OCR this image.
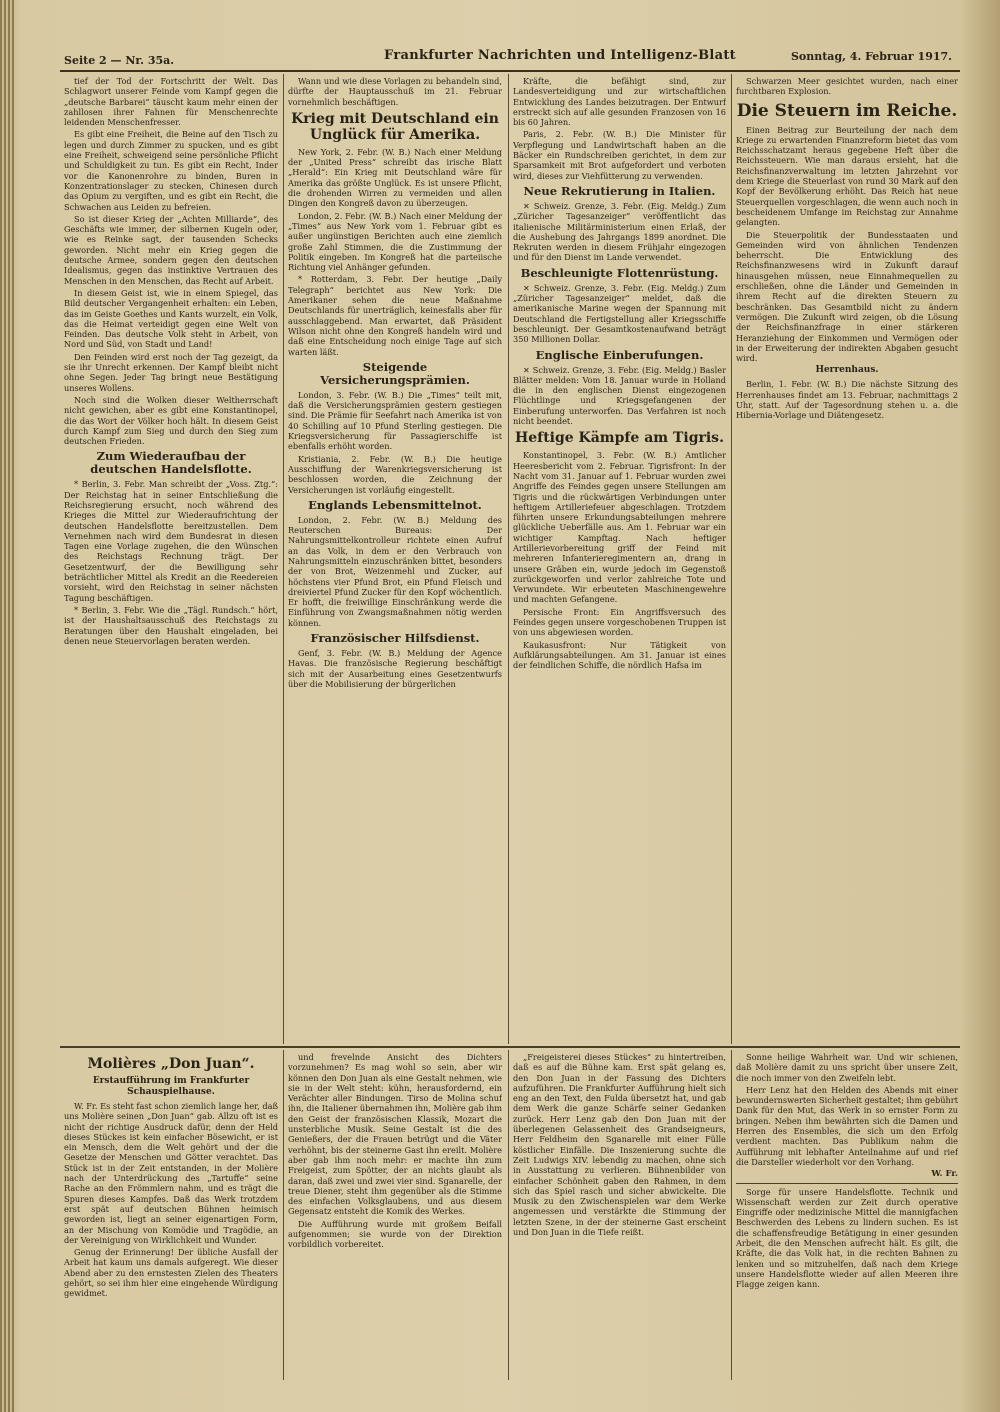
Seite 2 — Nr. 35a.	Frankfurter Nachrichten und Intelligenz-Blatt	Sonntag, 4. Februar 1917.

tief der Tod der Fortschritt der Welt. Das Schlagwort unserer Feinde vom Kampf gegen die „deutsche Barbarei“ täuscht kaum mehr einen der zahllosen ihrer Fahnen für Menschenrechte leidenden Menschenfresser.

Es gibt eine Freiheit, die Beine auf den Tisch zu legen und durch Zimmer zu spucken, und es gibt eine Freiheit, schweigend seine persönliche Pflicht und Schuldigkeit zu tun. Es gibt ein Recht, Inder vor die Kanonenrohre zu binden, Buren in Konzentrationslager zu stecken, Chinesen durch das Opium zu vergiften, und es gibt ein Recht, die Schwachen aus Leiden zu befreien.

So ist dieser Krieg der „Achten Milliarde“, des Geschäfts wie immer, der silbernen Kugeln oder, wie es Reinke sagt, der tausenden Schecks geworden. Nicht mehr ein Krieg gegen die deutsche Armee, sondern gegen den deutschen Idealismus, gegen das instinktive Vertrauen des Menschen in den Menschen, das Recht auf Arbeit.

In diesem Geist ist, wie in einem Spiegel, das Bild deutscher Vergangenheit erhalten: ein Leben, das im Geiste Goethes und Kants wurzelt, ein Volk, das die Heimat verteidigt gegen eine Welt von Feinden. Das deutsche Volk steht in Arbeit, von Nord und Süd, von Stadt und Land!

Den Feinden wird erst noch der Tag gezeigt, da sie ihr Unrecht erkennen. Der Kampf bleibt nicht ohne Segen. Jeder Tag bringt neue Bestätigung unseres Wollens.

Noch sind die Wolken dieser Weltherrschaft nicht gewichen, aber es gibt eine Konstantinopel, die das Wort der Völker hoch hält. In diesem Geist durch Kampf zum Sieg und durch den Sieg zum deutschen Frieden.

Zum Wiederaufbau der deutschen Handelsflotte.

* Berlin, 3. Febr. Man schreibt der „Voss. Ztg.“: Der Reichstag hat in seiner Entschließung die Reichsregierung ersucht, noch während des Krieges die Mittel zur Wiederaufrichtung der deutschen Handelsflotte bereitzustellen. Dem Vernehmen nach wird dem Bundesrat in diesen Tagen eine Vorlage zugehen, die den Wünschen des Reichstags Rechnung trägt. Der Gesetzentwurf, der die Bewilligung sehr beträchtlicher Mittel als Kredit an die Reedereien vorsieht, wird den Reichstag in seiner nächsten Tagung beschäftigen.

* Berlin, 3. Febr. Wie die „Tägl. Rundsch.“ hört, ist der Haushaltsausschuß des Reichstags zu Beratungen über den Haushalt eingeladen, bei denen neue Steuervorlagen beraten werden.

Wann und wie diese Vorlagen zu behandeln sind, dürfte der Hauptausschuß im 21. Februar vornehmlich beschäftigen.

Krieg mit Deutschland ein Unglück für Amerika.

New York, 2. Febr. (W. B.) Nach einer Meldung der „United Press“ schreibt das irische Blatt „Herald“: Ein Krieg mit Deutschland wäre für Amerika das größte Unglück. Es ist unsere Pflicht, die drohenden Wirren zu vermeiden und allen Dingen den Kongreß davon zu überzeugen.

London, 2. Febr. (W. B.) Nach einer Meldung der „Times“ aus New York vom 1. Februar gibt es außer ungünstigen Berichten auch eine ziemlich große Zahl Stimmen, die die Zustimmung der Politik eingeben. Im Kongreß hat die parteiische Richtung viel Anhänger gefunden.

* Rotterdam, 3. Febr. Der heutige „Daily Telegraph“ berichtet aus New York: Die Amerikaner sehen die neue Maßnahme Deutschlands für unerträglich, keinesfalls aber für ausschlaggebend. Man erwartet, daß Präsident Wilson nicht ohne den Kongreß handeln wird und daß eine Entscheidung noch einige Tage auf sich warten läßt.

Steigende Versicherungsprämien.

London, 3. Febr. (W. B.) Die „Times“ teilt mit, daß die Versicherungsprämien gestern gestiegen sind. Die Prämie für Seefahrt nach Amerika ist von 40 Schilling auf 10 Pfund Sterling gestiegen. Die Kriegsversicherung für Passagierschiffe ist ebenfalls erhöht worden.

Kristiania, 2. Febr. (W. B.) Die heutige Ausschiffung der Warenkriegsversicherung ist beschlossen worden, die Zeichnung der Versicherungen ist vorläufig eingestellt.

Englands Lebensmittelnot.

London, 2. Febr. (W. B.) Meldung des Reuterschen Bureaus: Der Nahrungsmittelkontrolleur richtete einen Aufruf an das Volk, in dem er den Verbrauch von Nahrungsmitteln einzuschränken bittet, besonders der von Brot, Weizenmehl und Zucker, auf höchstens vier Pfund Brot, ein Pfund Fleisch und dreiviertel Pfund Zucker für den Kopf wöchentlich. Er hofft, die freiwillige Einschränkung werde die Einführung von Zwangsmaßnahmen nötig werden können.

Französischer Hilfsdienst.

Genf, 3. Febr. (W. B.) Meldung der Agence Havas. Die französische Regierung beschäftigt sich mit der Ausarbeitung eines Gesetzentwurfs über die Mobilisierung der bürgerlichen

Kräfte, die befähigt sind, zur Landesverteidigung und zur wirtschaftlichen Entwicklung des Landes beizutragen. Der Entwurf erstreckt sich auf alle gesunden Franzosen von 16 bis 60 Jahren.

Paris, 2. Febr. (W. B.) Die Minister für Verpflegung und Landwirtschaft haben an die Bäcker ein Rundschreiben gerichtet, in dem zur Sparsamkeit mit Brot aufgefordert und verboten wird, dieses zur Viehfütterung zu verwenden.

Neue Rekrutierung in Italien.

✕ Schweiz. Grenze, 3. Febr. (Eig. Meldg.) Zum „Züricher Tagesanzeiger“ veröffentlicht das italienische Militärministerium einen Erlaß, der die Aushebung des Jahrgangs 1899 anordnet. Die Rekruten werden in diesem Frühjahr eingezogen und für den Dienst im Lande verwendet.

Beschleunigte Flottenrüstung.

✕ Schweiz. Grenze, 3. Febr. (Eig. Meldg.) Zum „Züricher Tagesanzeiger“ meldet, daß die amerikanische Marine wegen der Spannung mit Deutschland die Fertigstellung aller Kriegsschiffe beschleunigt. Der Gesamtkostenaufwand beträgt 350 Millionen Dollar.

Englische Einberufungen.

✕ Schweiz. Grenze, 3. Febr. (Eig. Meldg.) Basler Blätter melden: Vom 18. Januar wurde in Holland die in den englischen Dienst eingezogenen Flüchtlinge und Kriegsgefangenen der Einberufung unterworfen. Das Verfahren ist noch nicht beendet.

Heftige Kämpfe am Tigris.

Konstantinopel, 3. Febr. (W. B.) Amtlicher Heeresbericht vom 2. Februar. Tigrisfront: In der Nacht vom 31. Januar auf 1. Februar wurden zwei Angriffe des Feindes gegen unsere Stellungen am Tigris und die rückwärtigen Verbindungen unter heftigem Artilleriefeuer abgeschlagen. Trotzdem führten unsere Erkundungsabteilungen mehrere glückliche Ueberfälle aus. Am 1. Februar war ein wichtiger Kampftag. Nach heftiger Artillerievorbereitung griff der Feind mit mehreren Infanterieregimentern an, drang in unsere Gräben ein, wurde jedoch im Gegenstoß zurückgeworfen und verlor zahlreiche Tote und Verwundete. Wir erbeuteten Maschinengewehre und machten Gefangene.

Persische Front: Ein Angriffsversuch des Feindes gegen unsere vorgeschobenen Truppen ist von uns abgewiesen worden.

Kaukasusfront: Nur Tätigkeit von Aufklärungsabteilungen. Am 31. Januar ist eines der feindlichen Schiffe, die nördlich Hafsa im

Schwarzen Meer gesichtet wurden, nach einer furchtbaren Explosion.

Die Steuern im Reiche.

Einen Beitrag zur Beurteilung der nach dem Kriege zu erwartenden Finanzreform bietet das vom Reichsschatzamt heraus gegebene Heft über die Reichssteuern. Wie man daraus ersieht, hat die Reichsfinanzverwaltung im letzten Jahrzehnt vor dem Kriege die Steuerlast von rund 30 Mark auf den Kopf der Bevölkerung erhöht. Das Reich hat neue Steuerquellen vorgeschlagen, die wenn auch noch in bescheidenem Umfange im Reichstag zur Annahme gelangten.

Die Steuerpolitik der Bundesstaaten und Gemeinden wird von ähnlichen Tendenzen beherrscht. Die Entwicklung des Reichsfinanzwesens wird in Zukunft darauf hinausgehen müssen, neue Einnahmequellen zu erschließen, ohne die Länder und Gemeinden in ihrem Recht auf die direkten Steuern zu beschränken. Das Gesamtbild nicht zu ändern vermögen. Die Zukunft wird zeigen, ob die Lösung der Reichsfinanzfrage in einer stärkeren Heranziehung der Einkommen und Vermögen oder in der Erweiterung der indirekten Abgaben gesucht wird.

Herrenhaus.

Berlin, 1. Febr. (W. B.) Die nächste Sitzung des Herrenhauses findet am 13. Februar, nachmittags 2 Uhr, statt. Auf der Tagesordnung stehen u. a. die Hibernia-Vorlage und Diätengesetz.

Molières „Don Juan“.
Erstaufführung im Frankfurter Schauspielhause.

W. Fr. Es steht fast schon ziemlich lange her, daß uns Molière seinen „Don Juan“ gab. Allzu oft ist es nicht der richtige Ausdruck dafür, denn der Held dieses Stückes ist kein einfacher Bösewicht, er ist ein Mensch, dem die Welt gehört und der die Gesetze der Menschen und Götter verachtet. Das Stück ist in der Zeit entstanden, in der Molière nach der Unterdrückung des „Tartuffe“ seine Rache an den Frömmlern nahm, und es trägt die Spuren dieses Kampfes. Daß das Werk trotzdem erst spät auf deutschen Bühnen heimisch geworden ist, liegt an seiner eigenartigen Form, an der Mischung von Komödie und Tragödie, an der Vereinigung von Wirklichkeit und Wunder.

Genug der Erinnerung! Der übliche Ausfall der Arbeit hat kaum uns damals aufgeregt. Wie dieser Abend aber zu den ernstesten Zielen des Theaters gehört, so sei ihm hier eine eingehende Würdigung gewidmet.

und frevelnde Ansicht des Dichters vorzunehmen? Es mag wohl so sein, aber wir können den Don Juan als eine Gestalt nehmen, wie sie in der Welt steht: kühn, herausfordernd, ein Verächter aller Bindungen. Tirso de Molina schuf ihn, die Italiener übernahmen ihn, Molière gab ihm den Geist der französischen Klassik, Mozart die unsterbliche Musik. Seine Gestalt ist die des Genießers, der die Frauen betrügt und die Väter verhöhnt, bis der steinerne Gast ihn ereilt. Molière aber gab ihm noch mehr: er machte ihn zum Freigeist, zum Spötter, der an nichts glaubt als daran, daß zwei und zwei vier sind. Sganarelle, der treue Diener, steht ihm gegenüber als die Stimme des einfachen Volksglaubens, und aus diesem Gegensatz entsteht die Komik des Werkes.

Die Aufführung wurde mit großem Beifall aufgenommen; sie wurde von der Direktion vorbildlich vorbereitet.

„Freigeisterei dieses Stückes“ zu hintertreiben, daß es auf die Bühne kam. Erst spät gelang es, den Don Juan in der Fassung des Dichters aufzuführen. Die Frankfurter Aufführung hielt sich eng an den Text, den Fulda übersetzt hat, und gab dem Werk die ganze Schärfe seiner Gedanken zurück. Herr Lenz gab den Don Juan mit der überlegenen Gelassenheit des Grandseigneurs, Herr Feldheim den Sganarelle mit einer Fülle köstlicher Einfälle. Die Inszenierung suchte die Zeit Ludwigs XIV. lebendig zu machen, ohne sich in Ausstattung zu verlieren. Bühnenbilder von einfacher Schönheit gaben den Rahmen, in dem sich das Spiel rasch und sicher abwickelte. Die Musik zu den Zwischenspielen war dem Werke angemessen und verstärkte die Stimmung der letzten Szene, in der der steinerne Gast erscheint und Don Juan in die Tiefe reißt.

Sonne heilige Wahrheit war. Und wir schienen, daß Molière damit zu uns spricht über unsere Zeit, die noch immer von den Zweifeln lebt.

Herr Lenz hat den Helden des Abends mit einer bewundernswerten Sicherheit gestaltet; ihm gebührt Dank für den Mut, das Werk in so ernster Form zu bringen. Neben ihm bewährten sich die Damen und Herren des Ensembles, die sich um den Erfolg verdient machten. Das Publikum nahm die Aufführung mit lebhafter Anteilnahme auf und rief die Darsteller wiederholt vor den Vorhang.

W. Fr.

Sorge für unsere Handelsflotte. Technik und Wissenschaft werden zur Zeit durch operative Eingriffe oder medizinische Mittel die mannigfachen Beschwerden des Lebens zu lindern suchen. Es ist die schaffensfreudige Betätigung in einer gesunden Arbeit, die den Menschen aufrecht hält. Es gilt, die Kräfte, die das Volk hat, in die rechten Bahnen zu lenken und so mitzuhelfen, daß nach dem Kriege unsere Handelsflotte wieder auf allen Meeren ihre Flagge zeigen kann.
